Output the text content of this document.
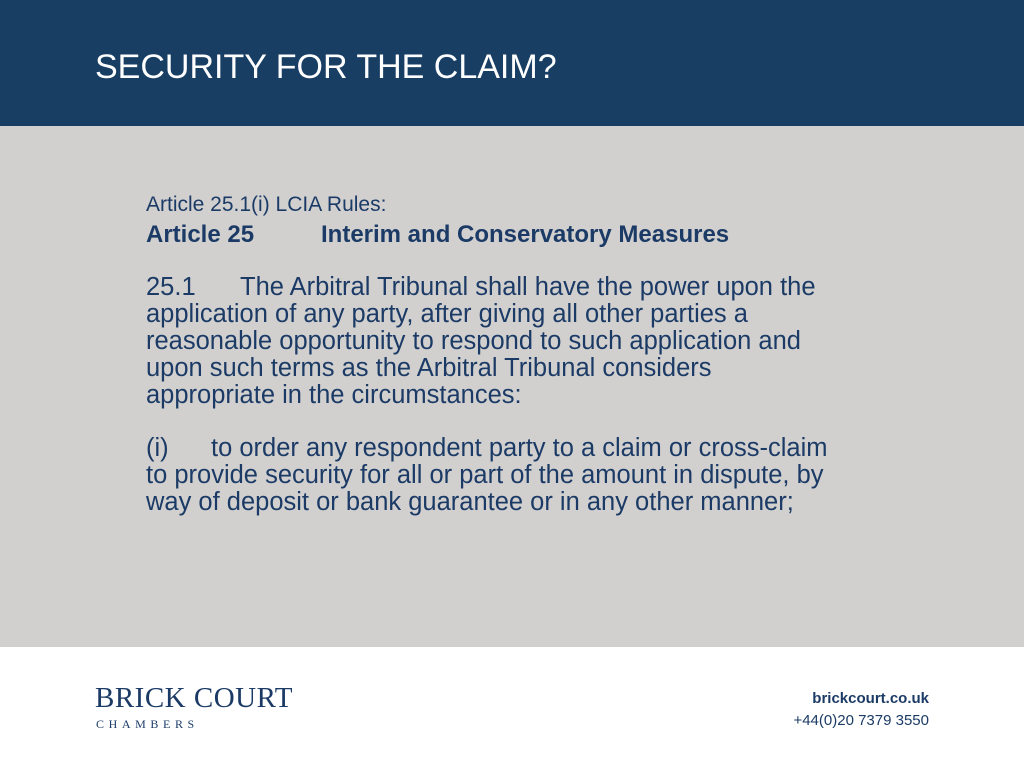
SECURITY FOR THE CLAIM?

Article 25.1(i) LCIA Rules:

Article 25	Interim and Conservatory Measures

25.1 The Arbitral Tribunal shall have the power upon the
application of any party, after giving all other parties a
reasonable opportunity to respond to such application and
upon such terms as the Arbitral Tribunal considers
appropriate in the circumstances:
(i) to order any respondent party to a claim or cross-claim
to provide security for all or part of the amount in dispute, by
way of deposit or bank guarantee or in any other manner;

BRICK COURT

CHAMBERS

brickcourt.co.uk

+44(0)20 7379 3550
